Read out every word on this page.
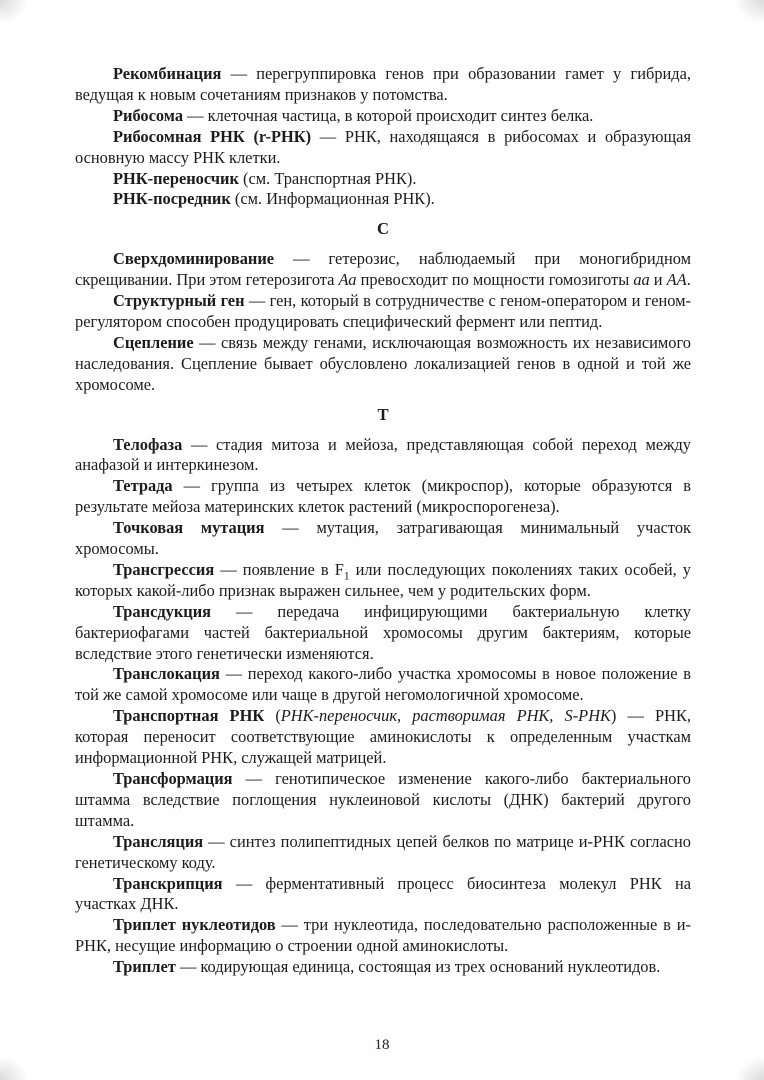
Рекомбинация — перегруппировка генов при образовании гамет у гибрида, ведущая к новым сочетаниям признаков у потомства.

Рибосома — клеточная частица, в которой происходит синтез белка.

Рибосомная РНК (r-РНК) — РНК, находящаяся в рибосомах и образующая основную массу РНК клетки.

РНК-переносчик (см. Транспортная РНК).

РНК-посредник (см. Информационная РНК).

С

Сверхдоминирование — гетерозис, наблюдаемый при моногибридном скрещивании. При этом гетерозигота Аа превосходит по мощности гомозиготы аа и АА.

Структурный ген — ген, который в сотрудничестве с геном-оператором и геном-регулятором способен продуцировать специфический фермент или пептид.

Сцепление — связь между генами, исключающая возможность их независимого наследования. Сцепление бывает обусловлено локализацией генов в одной и той же хромосоме.

Т

Телофаза — стадия митоза и мейоза, представляющая собой переход между анафазой и интеркинезом.

Тетрада — группа из четырех клеток (микроспор), которые образуются в результате мейоза материнских клеток растений (микроспорогенеза).

Точковая мутация — мутация, затрагивающая минимальный участок хромосомы.

Трансгрессия — появление в $F_1$ или последующих поколениях таких особей, у которых какой-либо признак выражен сильнее, чем у родительских форм.

Трансдукция — передача инфицирующими бактериальную клетку бактериофагами частей бактериальной хромосомы другим бактериям, которые вследствие этого генетически изменяются.

Транслокация — переход какого-либо участка хромосомы в новое положение в той же самой хромосоме или чаще в другой негомологичной хромосоме.

Транспортная РНК (РНК-переносчик, растворимая РНК, S-РНК) — РНК, которая переносит соответствующие аминокислоты к определенным участкам информационной РНК, служащей матрицей.

Трансформация — генотипическое изменение какого-либо бактериального штамма вследствие поглощения нуклеиновой кислоты (ДНК) бактерий другого штамма.

Трансляция — синтез полипептидных цепей белков по матрице и-РНК согласно генетическому коду.

Транскрипция — ферментативный процесс биосинтеза молекул РНК на участках ДНК.

Триплет нуклеотидов — три нуклеотида, последовательно расположенные в и-РНК, несущие информацию о строении одной аминокислоты.

Триплет — кодирующая единица, состоящая из трех оснований нуклеотидов.

18
